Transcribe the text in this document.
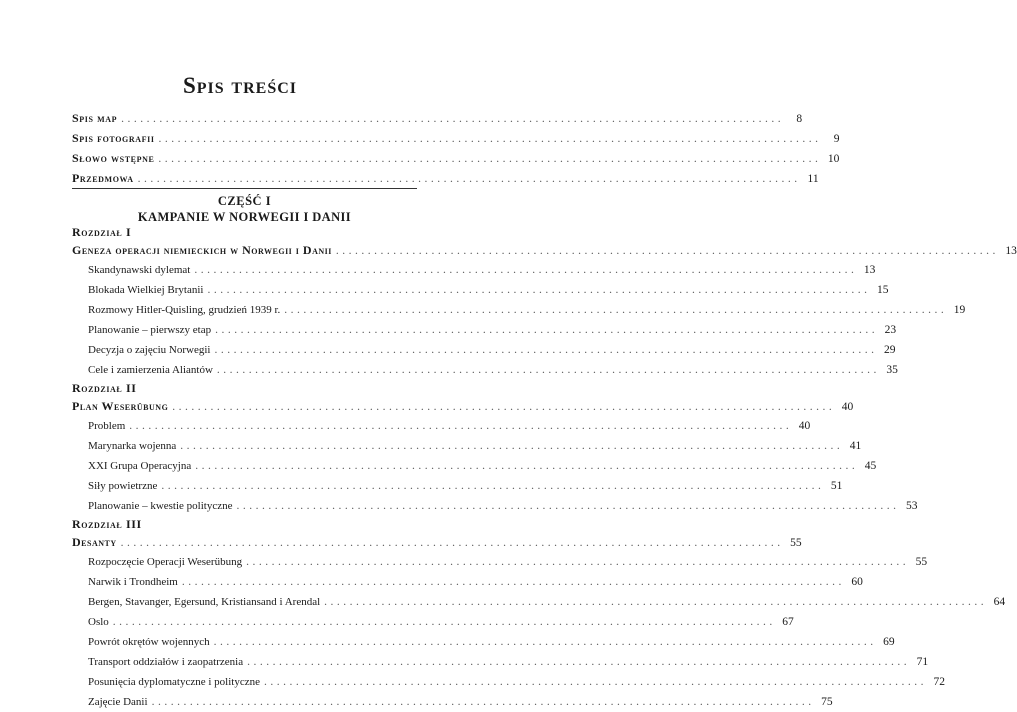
Spis treści
Spis map ........................................................................................................	8
Spis fotografii ........................................................................................................	9
Słowo wstępne ........................................................................................................ 10
Przedmowa ........................................................................................................ 11
CZĘŚĆ I
KAMPANIE W NORWEGII I DANII
Rozdział I
Geneza operacji niemieckich w Norwegii i Danii ........................................................................................................ 13
Skandynawski dylemat ........................................................................................................ 13
Blokada Wielkiej Brytanii ........................................................................................................ 15
Rozmowy Hitler-Quisling, grudzień 1939 r. ........................................................................................................ 19
Planowanie – pierwszy etap ........................................................................................................ 23
Decyzja o zajęciu Norwegii ........................................................................................................ 29
Cele i zamierzenia Aliantów ........................................................................................................ 35
Rozdział II
Plan Weserübung ........................................................................................................ 40
Problem ........................................................................................................ 40
Marynarka wojenna ........................................................................................................ 41
XXI Grupa Operacyjna ........................................................................................................ 45
Siły powietrzne ........................................................................................................ 51
Planowanie – kwestie polityczne ........................................................................................................ 53
Rozdział III
Desanty ........................................................................................................ 55
Rozpoczęcie Operacji Weserübung ........................................................................................................ 55
Narwik i Trondheim ........................................................................................................ 60
Bergen, Stavanger, Egersund, Kristiansand i Arendal ........................................................................................................ 64
Oslo ........................................................................................................ 67
Powrót okrętów wojennych ........................................................................................................ 69
Transport oddziałów i zaopatrzenia ........................................................................................................ 71
Posunięcia dyplomatyczne i polityczne ........................................................................................................ 72
Zajęcie Danii ........................................................................................................ 75
